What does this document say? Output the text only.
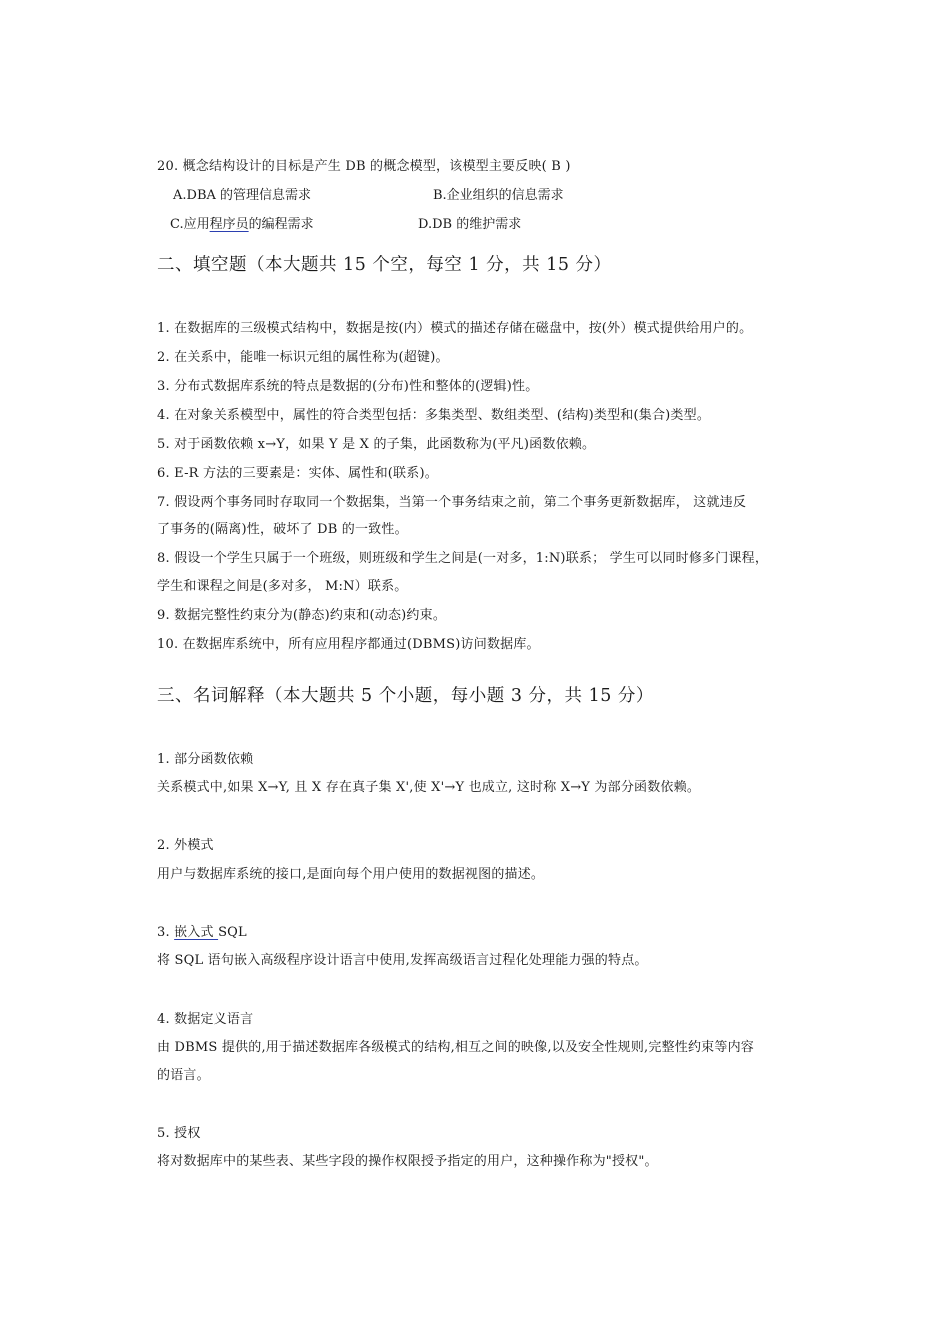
20. 概念结构设计的目标是产生 DB 的概念模型，该模型主要反映( B )
A.DBA 的管理信息需求	B.企业组织的信息需求
C.应用程序员的编程需求	D.DB 的维护需求
二、填空题（本大题共 15 个空，每空 1 分，共 15 分）
1. 在数据库的三级模式结构中，数据是按(内）模式的描述存储在磁盘中，按(外）模式提供给用户的。
2. 在关系中，能唯一标识元组的属性称为(超键)。
3. 分布式数据库系统的特点是数据的(分布)性和整体的(逻辑)性。
4. 在对象关系模型中，属性的符合类型包括：多集类型、数组类型、(结构)类型和(集合)类型。
5. 对于函数依赖 x→Y，如果 Y 是 X 的子集，此函数称为(平凡)函数依赖。
6. E-R 方法的三要素是：实体、属性和(联系)。
7. 假设两个事务同时存取同一个数据集，当第一个事务结束之前，第二个事务更新数据库， 这就违反
了事务的(隔离)性，破坏了 DB 的一致性。
8. 假设一个学生只属于一个班级，则班级和学生之间是(一对多，1:N)联系； 学生可以同时修多门课程，
学生和课程之间是(多对多， M:N）联系。
9. 数据完整性约束分为(静态)约束和(动态)约束。
10. 在数据库系统中，所有应用程序都通过(DBMS)访问数据库。
三、名词解释（本大题共 5 个小题，每小题 3 分，共 15 分）
1. 部分函数依赖
关系模式中,如果 X→Y, 且 X 存在真子集 X',使 X'→Y 也成立, 这时称 X→Y 为部分函数依赖。
2. 外模式
用户与数据库系统的接口,是面向每个用户使用的数据视图的描述。
3. 嵌入式 SQL
将 SQL 语句嵌入高级程序设计语言中使用,发挥高级语言过程化处理能力强的特点。
4. 数据定义语言
由 DBMS 提供的,用于描述数据库各级模式的结构,相互之间的映像,以及安全性规则,完整性约束等内容
的语言。
5. 授权
将对数据库中的某些表、某些字段的操作权限授予指定的用户，这种操作称为"授权"。
